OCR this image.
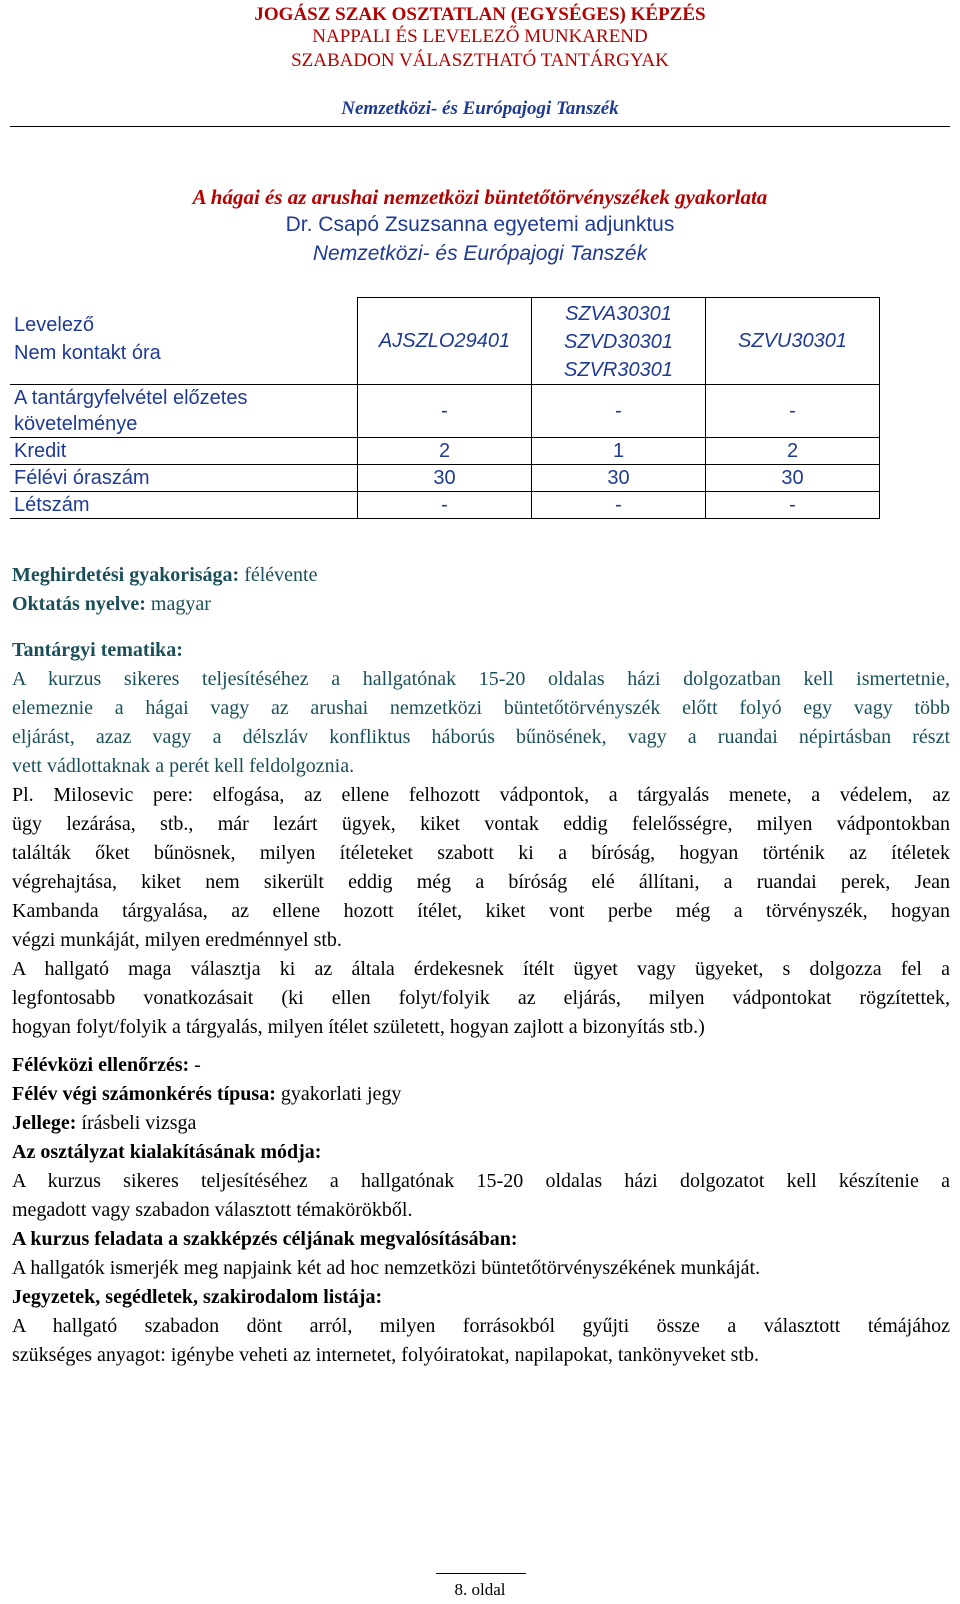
JOGÁSZ SZAK OSZTATLAN (EGYSÉGES) KÉPZÉS
NAPPALI ÉS LEVELEZŐ MUNKAREND
SZABADON VÁLASZTHATÓ TANTÁRGYAK
Nemzetközi- és Európajogi Tanszék
A hágai és az arushai nemzetközi büntetőtörvényszékek gyakorlata
Dr. Csapó Zsuzsanna egyetemi adjunktus
Nemzetközi- és Európajogi Tanszék
Levelező
Nem kontakt óra	AJSZLO29401	SZVA30301
SZVD30301
SZVR30301	SZVU30301

A tantárgyfelvétel előzetes
követelménye	-	-	-
Kredit	2	1	2
Félévi óraszám	30	30	30
Létszám	-	-	-
Meghirdetési gyakorisága: félévente
Oktatás nyelve: magyar
Tantárgyi tematika:
A kurzus sikeres teljesítéséhez a hallgatónak 15-20 oldalas házi dolgozatban kell ismertetnie,
elemeznie a hágai vagy az arushai nemzetközi büntetőtörvényszék előtt folyó egy vagy több
eljárást, azaz vagy a délszláv konfliktus háborús bűnösének, vagy a ruandai népirtásban részt
vett vádlottaknak a perét kell feldolgoznia.
Pl. Milosevic pere: elfogása, az ellene felhozott vádpontok, a tárgyalás menete, a védelem, az
ügy lezárása, stb., már lezárt ügyek, kiket vontak eddig felelősségre, milyen vádpontokban
találták őket bűnösnek, milyen ítéleteket szabott ki a bíróság, hogyan történik az ítéletek
végrehajtása, kiket nem sikerült eddig még a bíróság elé állítani, a ruandai perek, Jean
Kambanda tárgyalása, az ellene hozott ítélet, kiket vont perbe még a törvényszék, hogyan
végzi munkáját, milyen eredménnyel stb.
A hallgató maga választja ki az általa érdekesnek ítélt ügyet vagy ügyeket, s dolgozza fel a
legfontosabb vonatkozásait (ki ellen folyt/folyik az eljárás, milyen vádpontokat rögzítettek,
hogyan folyt/folyik a tárgyalás, milyen ítélet született, hogyan zajlott a bizonyítás stb.)
Félévközi ellenőrzés: -
Félév végi számonkérés típusa: gyakorlati jegy
Jellege: írásbeli vizsga
Az osztályzat kialakításának módja:
A kurzus sikeres teljesítéséhez a hallgatónak 15-20 oldalas házi dolgozatot kell készítenie a
megadott vagy szabadon választott témakörökből.
A kurzus feladata a szakképzés céljának megvalósításában:
A hallgatók ismerjék meg napjaink két ad hoc nemzetközi büntetőtörvényszékének munkáját.
Jegyzetek, segédletek, szakirodalom listája:
A hallgató szabadon dönt arról, milyen forrásokból gyűjti össze a választott témájához
szükséges anyagot: igénybe veheti az internetet, folyóiratokat, napilapokat, tankönyveket stb.
8. oldal
